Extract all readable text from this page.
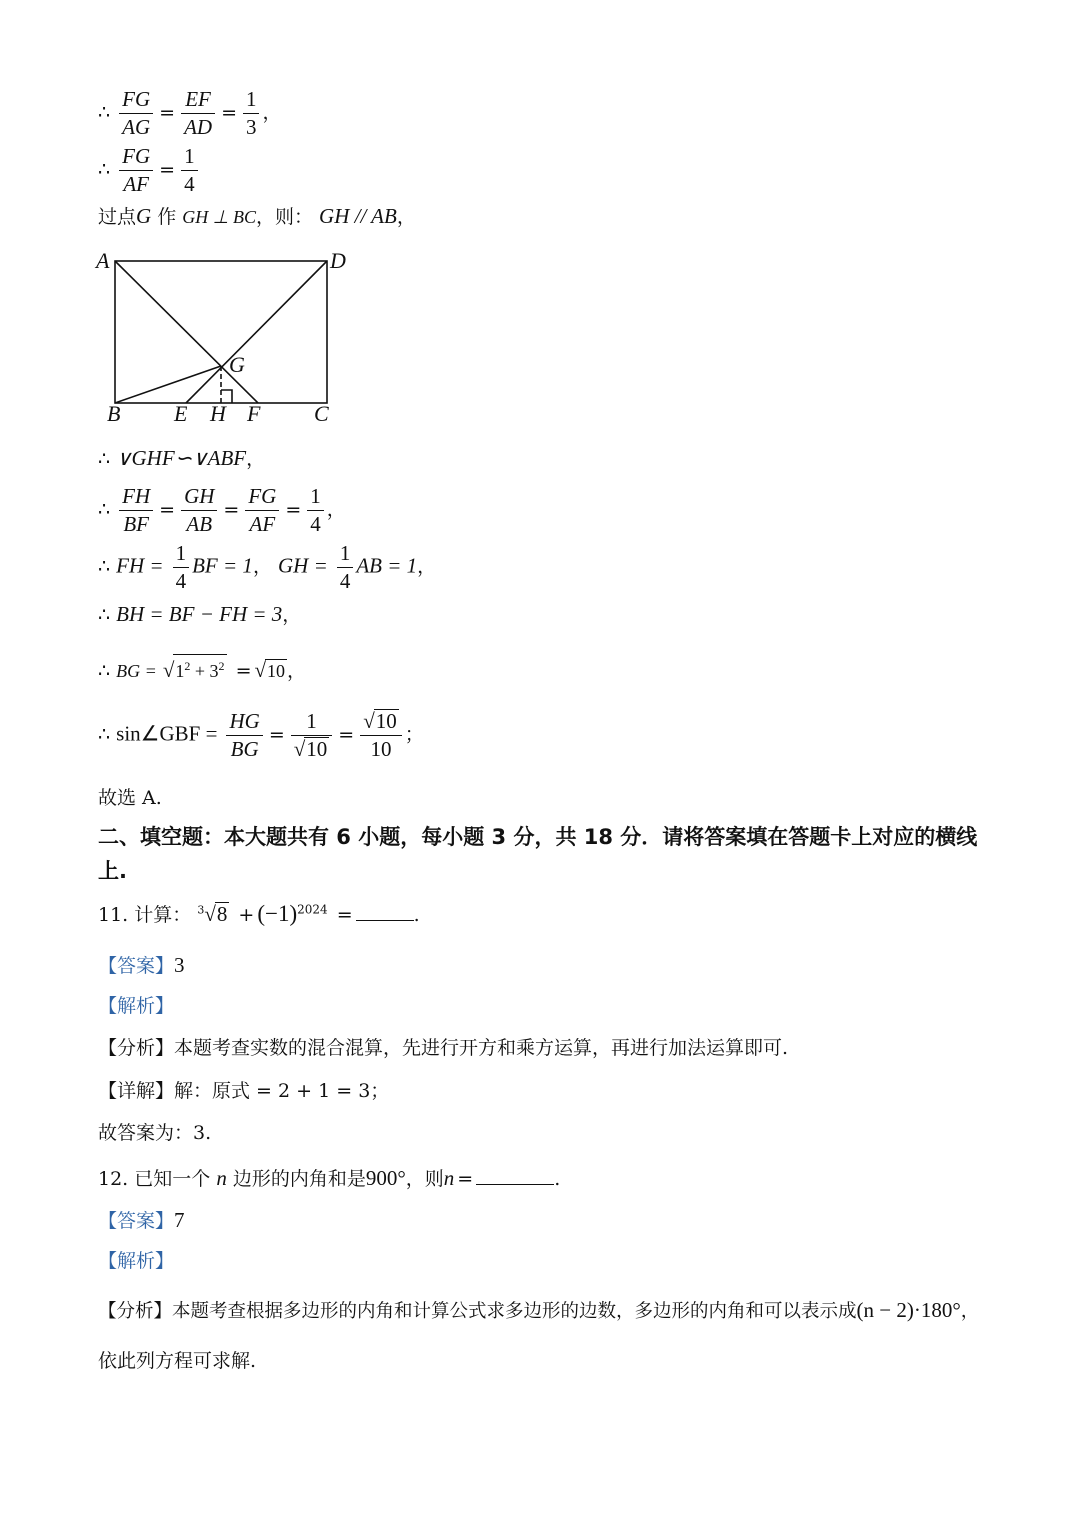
∴ $\frac{FG}{AG} = \frac{EF}{AD} = \frac{1}{3}$ ，
∴ $\frac{FG}{AF} = \frac{1}{4}$
过点G 作 GH ⊥ BC，则： GH // AB，
A	D
G
B E H F C
∴ ∨GHF∽∨ABF，
∴ $\frac{FH}{BF} = \frac{GH}{AB} = \frac{FG}{AF} = \frac{1}{4}$ ，
∴ FH = $\frac{1}{4}$ BF = 1， GH = $\frac{1}{4}$ AB = 1，
∴ BH = BF − FH = 3，
∴ BG = $√1^2 + 3^2 = √10$ ，
∴ sin∠GBF = $\frac{HG}{BG} = \frac{1}{√10} = \frac{√10}{10}$ ；
故选 A.
二、填空题：本大题共有 6 小题，每小题 3 分，共 18 分．请将答案填在答题卡上对应的横线上.
11. 计算： $^3√8 + (-1)^{2024}$ =	.
【答案】3
【解析】
【分析】本题考查实数的混合混算，先进行开方和乘方运算，再进行加法运算即可.
【详解】解：原式 = 2 + 1 = 3；
故答案为：3.
12. 已知一个 n 边形的内角和是900°，则n =	.
【答案】7
【解析】
【分析】本题考查根据多边形的内角和计算公式求多边形的边数，多边形的内角和可以表示成(n − 2)·180°，
依此列方程可求解.
